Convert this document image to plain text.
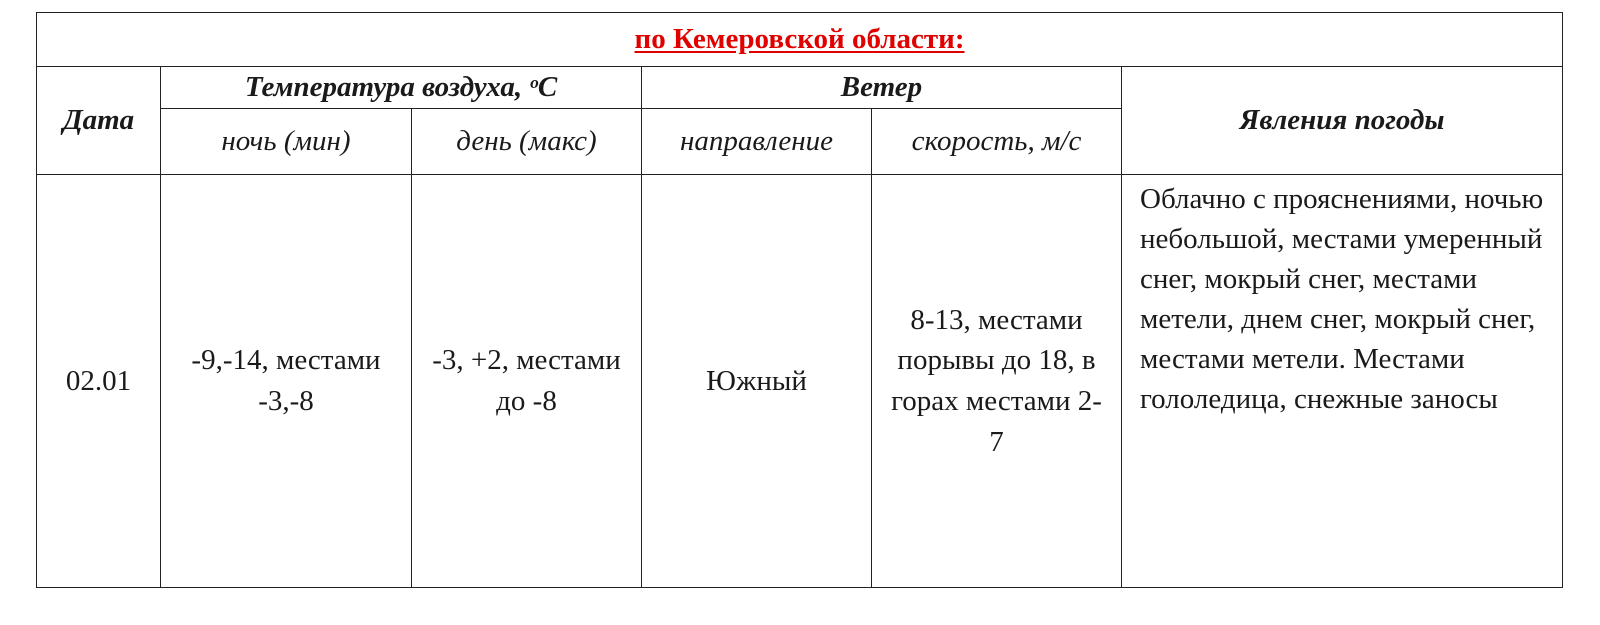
по Кемеровской области:					
Дата	Температура воздуха, ᵒС		Ветер		Явления погоды
	ночь (мин)	день (макс)	направление	скорость, м/с	
02.01	-9,-14, местами -3,-8	-3, +2, местами до -8	Южный	8-13, местами порывы до 18, в горах местами 2- 7	Облачно с прояснениями, ночью небольшой, местами умеренный снег, мокрый снег, местами метели, днем снег, мокрый снег, местами метели. Местами гололедица, снежные заносы
